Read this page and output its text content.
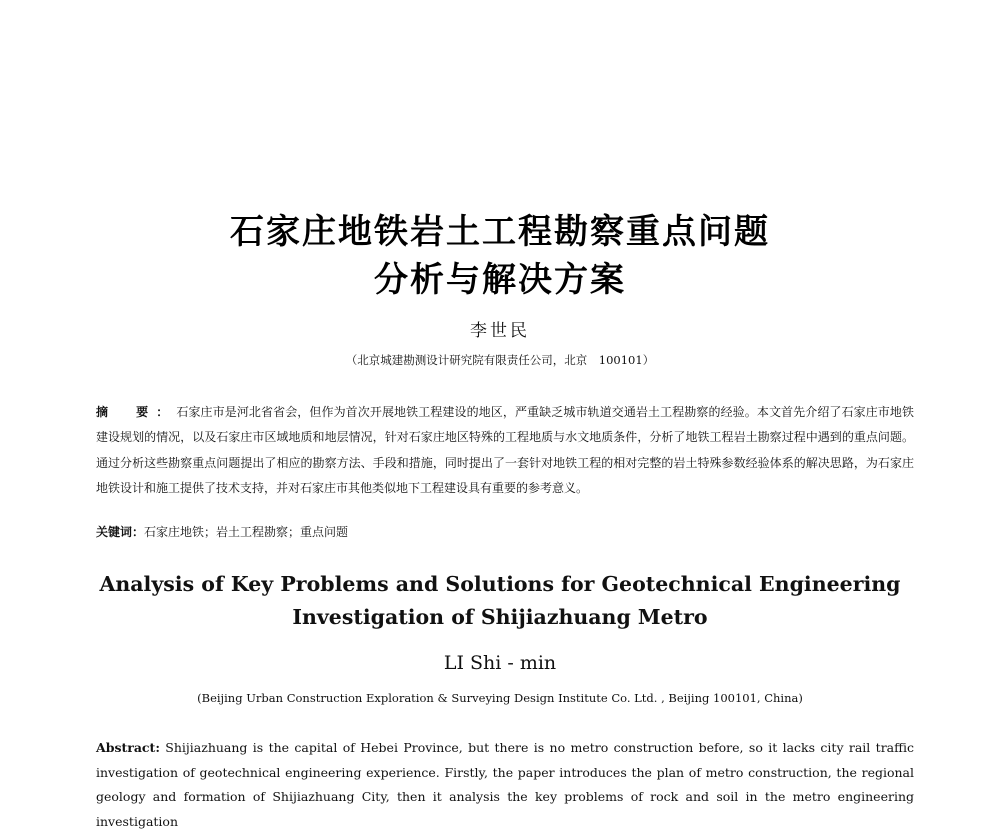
石家庄地铁岩土工程勘察重点问题
分析与解决方案
李世民
（北京城建勘测设计研究院有限责任公司，北京　100101）
摘　要：石家庄市是河北省省会，但作为首次开展地铁工程建设的地区，严重缺乏城市轨道交通岩土工程勘察的经验。本文首先介绍了石家庄市地铁建设规划的情况，以及石家庄市区域地质和地层情况，针对石家庄地区特殊的工程地质与水文地质条件，分析了地铁工程岩土勘察过程中遇到的重点问题。通过分析这些勘察重点问题提出了相应的勘察方法、手段和措施，同时提出了一套针对地铁工程的相对完整的岩土特殊参数经验体系的解决思路，为石家庄地铁设计和施工提供了技术支持，并对石家庄市其他类似地下工程建设具有重要的参考意义。
关键词：石家庄地铁；岩土工程勘察；重点问题
Analysis of Key Problems and Solutions for Geotechnical Engineering
Investigation of Shijiazhuang Metro
LI Shi - min
(Beijing Urban Construction Exploration & Surveying Design Institute Co. Ltd. , Beijing 100101, China)
Abstract: Shijiazhuang is the capital of Hebei Province, but there is no metro construction before, so it lacks city rail traffic investigation of geotechnical engineering experience. Firstly, the paper introduces the plan of metro construction, the regional geology and formation of Shijiazhuang City, then it analysis the key problems of rock and soil in the metro engineering investigation
